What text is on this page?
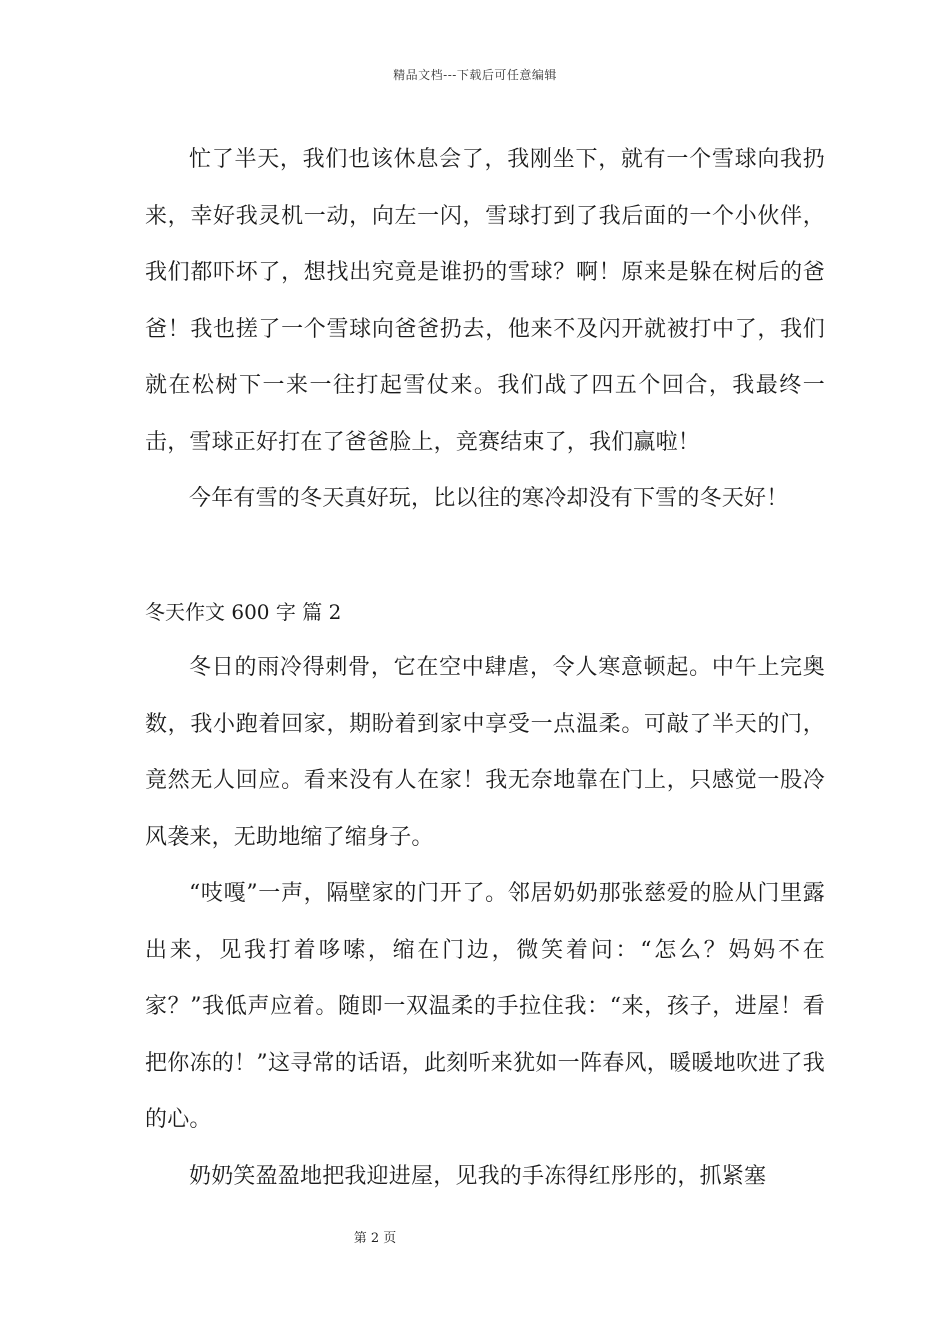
精品文档---下载后可任意编辑

忙了半天，我们也该休息会了，我刚坐下，就有一个雪球向我扔来，幸好我灵机一动，向左一闪，雪球打到了我后面的一个小伙伴，我们都吓坏了，想找出究竟是谁扔的雪球？啊！原来是躲在树后的爸爸！我也搓了一个雪球向爸爸扔去，他来不及闪开就被打中了，我们就在松树下一来一往打起雪仗来。我们战了四五个回合，我最终一击，雪球正好打在了爸爸脸上，竞赛结束了，我们赢啦！

今年有雪的冬天真好玩，比以往的寒冷却没有下雪的冬天好！

冬天作文 600 字 篇 2

冬日的雨冷得刺骨，它在空中肆虐，令人寒意顿起。中午上完奥数，我小跑着回家，期盼着到家中享受一点温柔。可敲了半天的门，竟然无人回应。看来没有人在家！我无奈地靠在门上，只感觉一股冷风袭来，无助地缩了缩身子。

“吱嘎”一声，隔壁家的门开了。邻居奶奶那张慈爱的脸从门里露出来，见我打着哆嗦，缩在门边，微笑着问：“怎么？妈妈不在家？”我低声应着。随即一双温柔的手拉住我：“来，孩子，进屋！看把你冻的！”这寻常的话语，此刻听来犹如一阵春风，暖暖地吹进了我的心。

奶奶笑盈盈地把我迎进屋，见我的手冻得红彤彤的，抓紧塞

第 2 页
